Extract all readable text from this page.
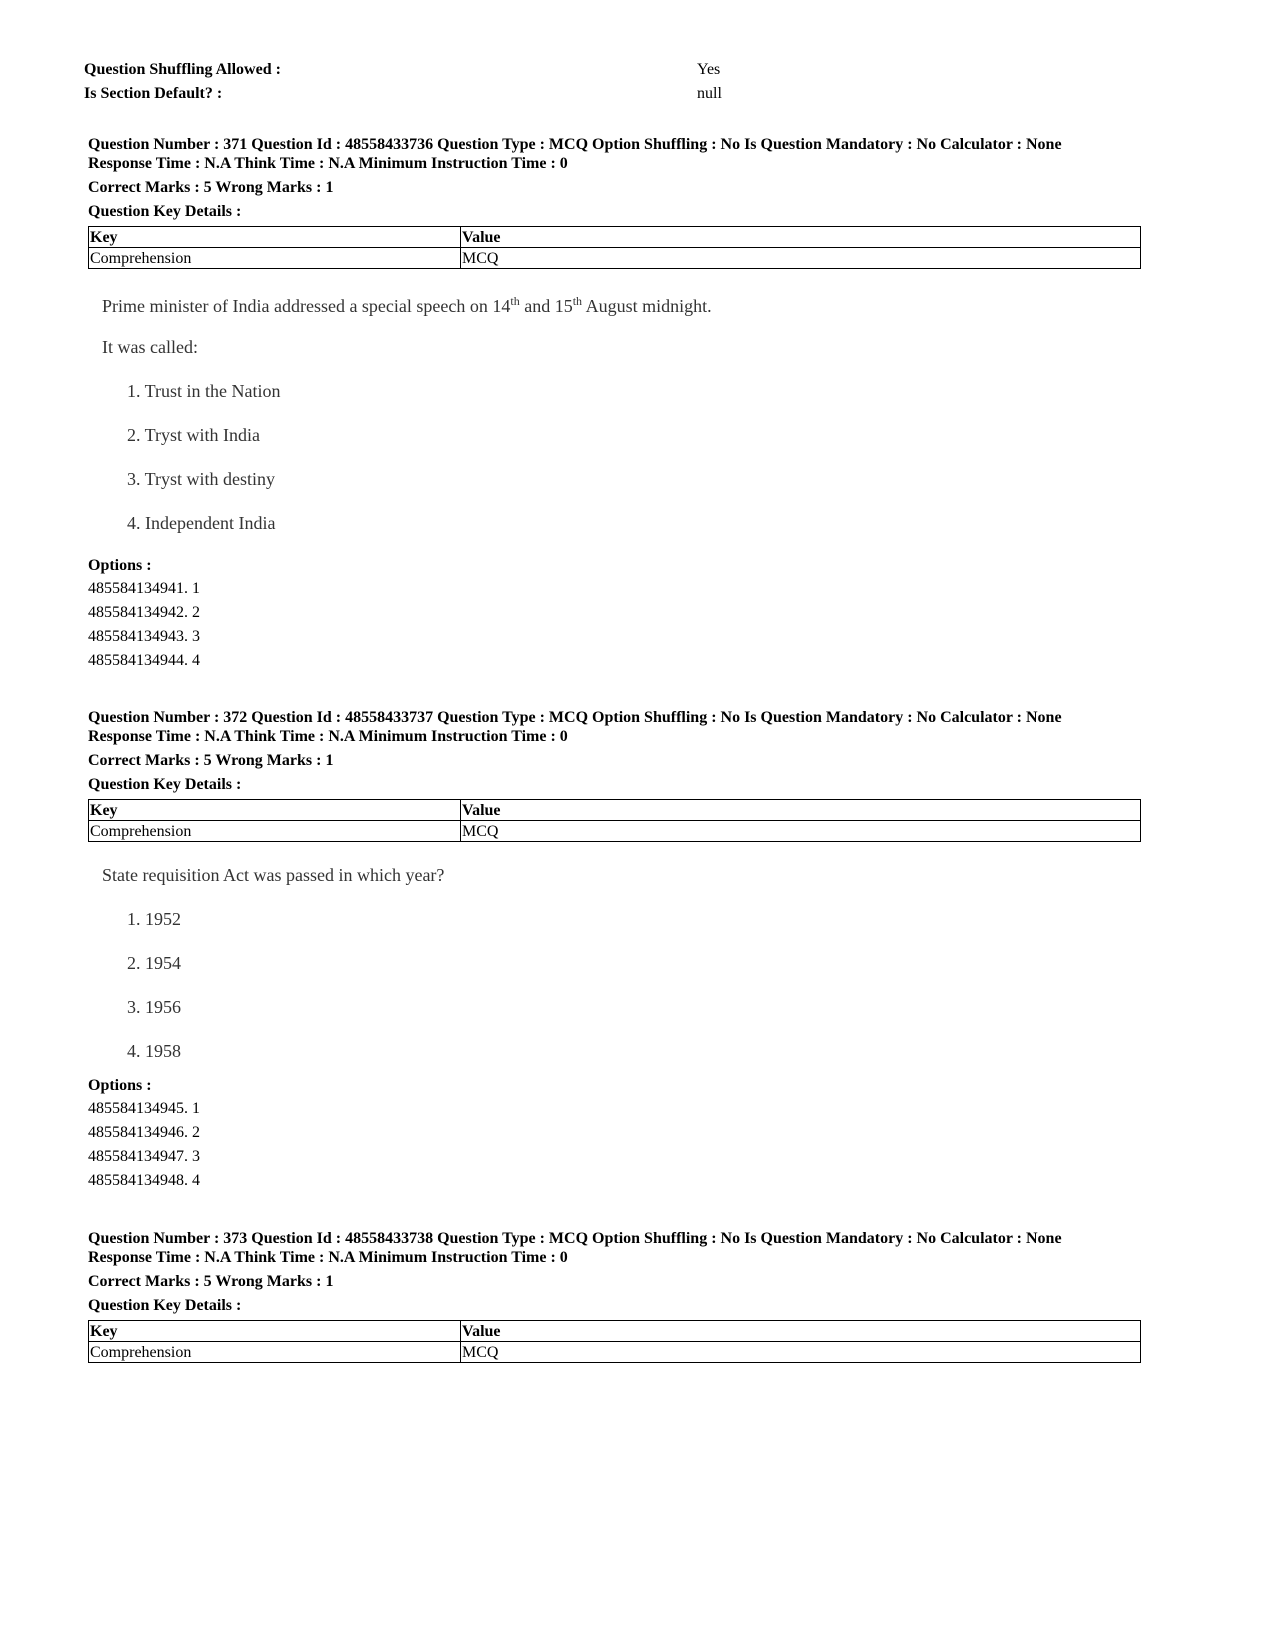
Question Shuffling Allowed :	Yes
Is Section Default? :	null
Question Number : 371 Question Id : 48558433736 Question Type : MCQ Option Shuffling : No Is Question Mandatory : No Calculator : None
Response Time : N.A Think Time : N.A Minimum Instruction Time : 0
Correct Marks : 5 Wrong Marks : 1
Question Key Details :
Key	Value
Comprehension	MCQ
Prime minister of India addressed a special speech on 14th and 15th August midnight.
It was called:
1. Trust in the Nation
2. Tryst with India
3. Tryst with destiny
4. Independent India
Options :
485584134941. 1
485584134942. 2
485584134943. 3
485584134944. 4
Question Number : 372 Question Id : 48558433737 Question Type : MCQ Option Shuffling : No Is Question Mandatory : No Calculator : None
Response Time : N.A Think Time : N.A Minimum Instruction Time : 0
Correct Marks : 5 Wrong Marks : 1
Question Key Details :
Key	Value
Comprehension	MCQ
State requisition Act was passed in which year?
1. 1952
2. 1954
3. 1956
4. 1958
Options :
485584134945. 1
485584134946. 2
485584134947. 3
485584134948. 4
Question Number : 373 Question Id : 48558433738 Question Type : MCQ Option Shuffling : No Is Question Mandatory : No Calculator : None
Response Time : N.A Think Time : N.A Minimum Instruction Time : 0
Correct Marks : 5 Wrong Marks : 1
Question Key Details :
Key	Value
Comprehension	MCQ
